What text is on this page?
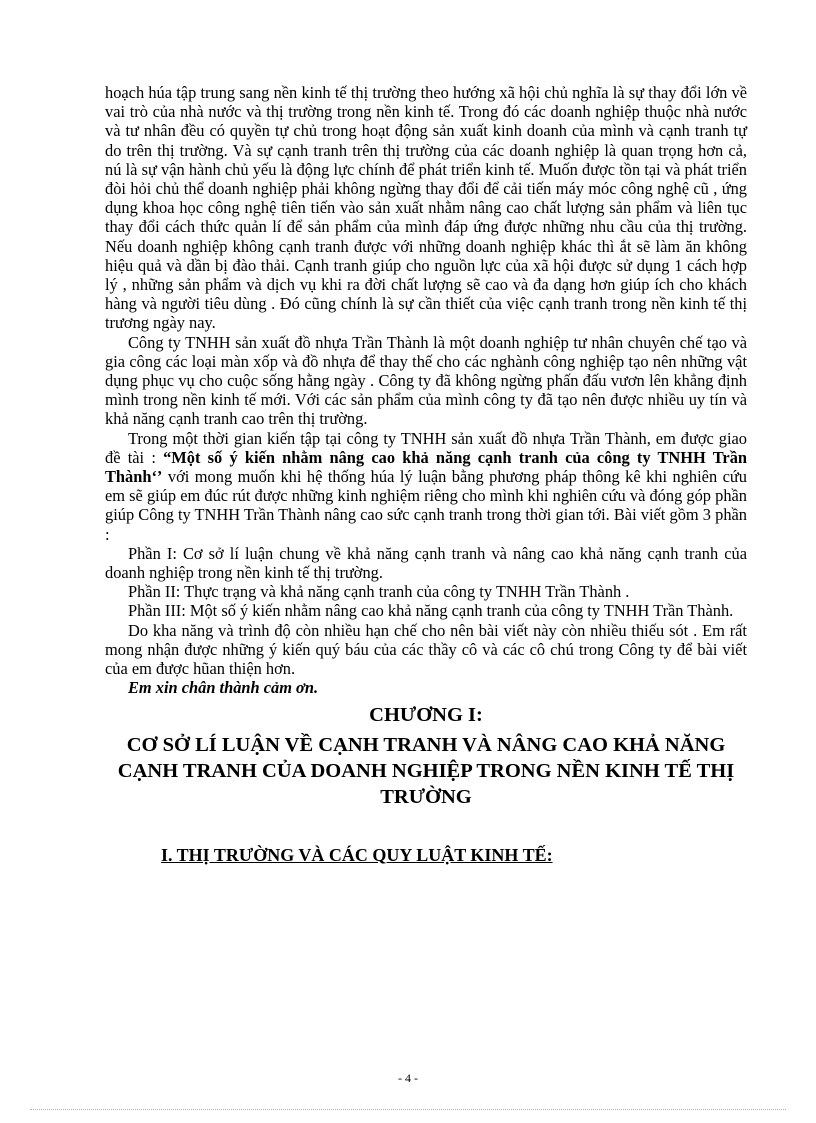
hoạch húa tập trung sang nền kinh tế thị trường theo hướng xã hội chủ nghĩa là sự thay đổi lớn về vai trò của nhà nước và thị trường trong nền kinh tế. Trong đó các doanh nghiệp thuộc nhà nước và tư nhân đều có quyền tự chủ trong hoạt động sản xuất kinh doanh của mình và cạnh tranh tự do trên thị trường. Và sự cạnh tranh trên thị trường của các doanh nghiệp là quan trọng hơn cả, nú là sự vận hành chủ yếu là động lực chính để phát triển kinh tế. Muốn được tồn tại và phát triển đòi hỏi chủ thể doanh nghiệp phải không ngừng thay đổi để cải tiến máy móc công nghệ cũ , ứng dụng khoa học công nghệ tiên tiến vào sản xuất nhằm nâng cao chất lượng sản phẩm và liên tục thay đổi cách thức quản lí để sản phẩm của mình đáp ứng được những nhu cầu của thị trường. Nếu doanh nghiệp không cạnh tranh được với những doanh nghiệp khác thì ắt sẽ làm ăn không hiệu quả và dần bị đào thải. Cạnh tranh giúp cho nguồn lực của xã hội được sử dụng 1 cách hợp lý , những sản phẩm và dịch vụ khi ra đời chất lượng sẽ cao và đa dạng hơn giúp ích cho khách hàng và người tiêu dùng . Đó cũng chính là sự cần thiết của việc cạnh tranh trong nền kinh tế thị trương ngày nay.

Công ty TNHH sản xuất đồ nhựa Trần Thành là một doanh nghiệp tư nhân chuyên chế tạo và gia công các loại màn xốp và đồ nhựa để thay thế cho các nghành công nghiệp tạo nên những vật dụng phục vụ cho cuộc sống hằng ngày . Công ty đã không ngừng phấn đấu vươn lên khẳng định mình trong nền kinh tế mới. Với các sản phẩm của mình công ty đã tạo nên được nhiều uy tín và khả năng cạnh tranh cao trên thị trường.

Trong một thời gian kiến tập tại công ty TNHH sản xuất đồ nhựa Trần Thành, em được giao đề tài : “Một số ý kiến nhằm nâng cao khả năng cạnh tranh của công ty TNHH Trần Thành‘’ với mong muốn khi hệ thống húa lý luận bằng phương pháp thông kê khi nghiên cứu em sẽ giúp em đúc rút được những kinh nghiệm riêng cho mình khi nghiên cứu và đóng góp phần giúp Công ty TNHH Trần Thành nâng cao sức cạnh tranh trong thời gian tới. Bài viết gồm 3 phần :

Phần I: Cơ sở lí luận chung về khả năng cạnh tranh và nâng cao khả năng cạnh tranh của doanh nghiệp trong nền kinh tế thị trường.

Phần II: Thực trạng và khả năng cạnh tranh của công ty TNHH Trần Thành .

Phần III: Một số ý kiến nhằm nâng cao khả năng cạnh tranh của công ty TNHH Trần Thành.

Do kha năng và trình độ còn nhiều hạn chế cho nên bài viết này còn nhiều thiếu sót . Em rất mong nhận được những ý kiến quý báu của các thầy cô và các cô chú trong Công ty để bài viết của em được hũan thiện hơn.

Em xin chân thành cảm ơn.

CHƯƠNG I:
CƠ SỞ LÍ LUẬN VỀ CẠNH TRANH VÀ NÂNG CAO KHẢ NĂNG CẠNH TRANH CỦA DOANH NGHIỆP TRONG NỀN KINH TẾ THỊ TRƯỜNG
I. THỊ TRƯỜNG VÀ CÁC QUY LUẬT KINH TẾ:
- 4 -
